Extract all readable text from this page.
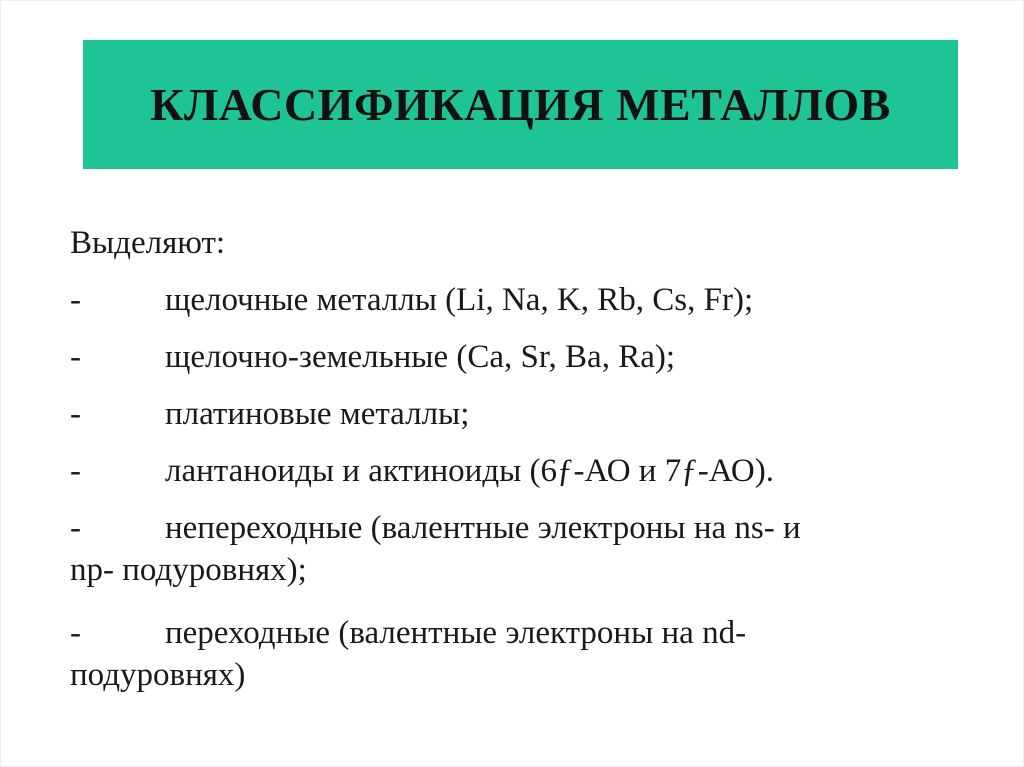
КЛАССИФИКАЦИЯ МЕТАЛЛОВ
Выделяют:
-	щелочные металлы (Li, Na, K, Rb, Cs, Fr);
-	щелочно-земельные (Ca, Sr, Ba, Ra);
-	платиновые металлы;
-	лантаноиды и актиноиды (6ƒ-АО и 7ƒ-АО).
-	непереходные (валентные электроны на ns- и
np- подуровнях);
-	переходные (валентные электроны на nd-
подуровнях)
